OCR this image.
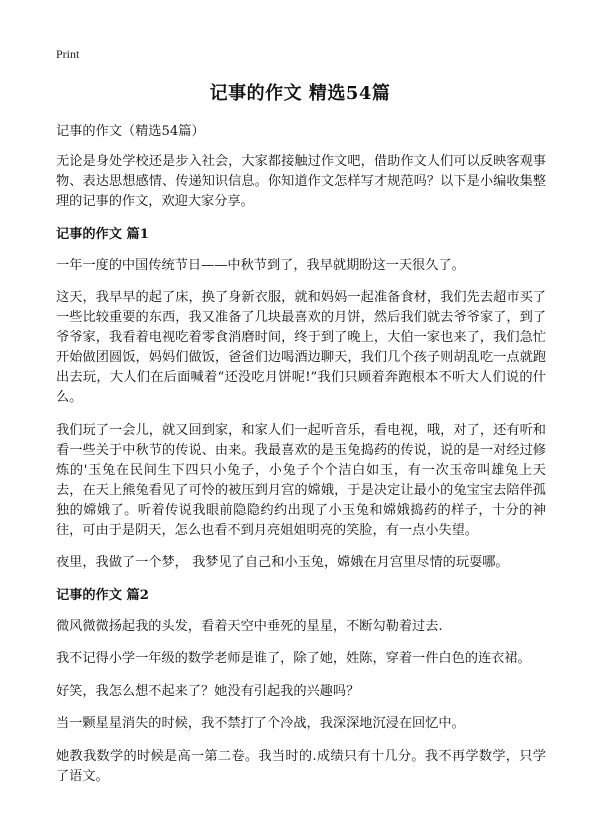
Print
记事的作文 精选54篇

记事的作文（精选54篇）

无论是身处学校还是步入社会，大家都接触过作文吧，借助作文人们可以反映客观事物、表达思想感情、传递知识信息。你知道作文怎样写才规范吗？以下是小编收集整理的记事的作文，欢迎大家分享。

记事的作文 篇1

一年一度的中国传统节日——中秋节到了，我早就期盼这一天很久了。

这天，我早早的起了床，换了身新衣服，就和妈妈一起准备食材，我们先去超市买了一些比较重要的东西，我又准备了几块最喜欢的月饼，然后我们就去爷爷家了，到了爷爷家，我看着电视吃着零食消磨时间，终于到了晚上，大伯一家也来了，我们急忙开始做团圆饭，妈妈们做饭，爸爸们边喝酒边聊天，我们几个孩子则胡乱吃一点就跑出去玩，大人们在后面喊着“还没吃月饼呢!”我们只顾着奔跑根本不听大人们说的什么。

我们玩了一会儿，就又回到家，和家人们一起听音乐，看电视，哦，对了，还有听和看一些关于中秋节的传说、由来。我最喜欢的是玉兔捣药的传说，说的是一对经过修炼的'玉兔在民间生下四只小兔子，小兔子个个洁白如玉，有一次玉帝叫雄兔上天去，在天上熊兔看见了可怜的被压到月宫的嫦娥，于是决定让最小的兔宝宝去陪伴孤独的嫦娥了。听着传说我眼前隐隐约约出现了小玉兔和嫦娥捣药的样子，十分的神往，可由于是阴天，怎么也看不到月亮姐姐明亮的笑脸，有一点小失望。

夜里，我做了一个梦， 我梦见了自己和小玉兔，嫦娥在月宫里尽情的玩耍哪。

记事的作文 篇2

微风微微扬起我的头发，看着天空中垂死的星星，不断勾勒着过去.

我不记得小学一年级的数学老师是谁了，除了她，姓陈，穿着一件白色的连衣裙。

好笑，我怎么想不起来了？她没有引起我的兴趣吗？

当一颗星星消失的时候，我不禁打了个冷战，我深深地沉浸在回忆中。

她教我数学的时候是高一第二卷。我当时的.成绩只有十几分。我不再学数学，只学了语文。
